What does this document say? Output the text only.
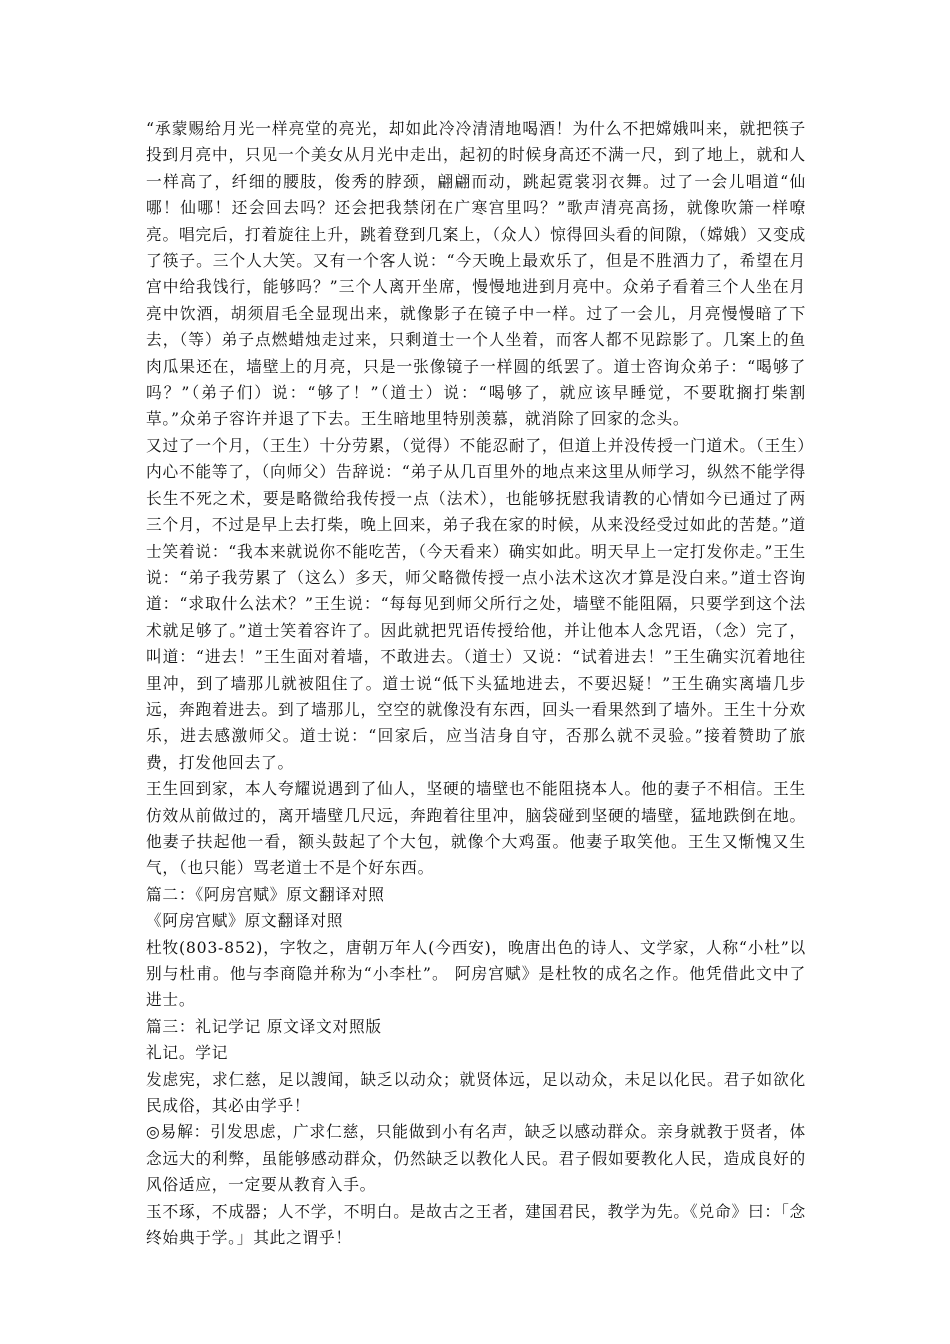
“承蒙赐给月光一样亮堂的亮光，却如此冷冷清清地喝酒！为什么不把嫦娥叫来，就把筷子投到月亮中，只见一个美女从月光中走出，起初的时候身高还不满一尺，到了地上，就和人一样高了，纤细的腰肢，俊秀的脖颈，翩翩而动，跳起霓裳羽衣舞。过了一会儿唱道“仙哪！仙哪！还会回去吗？还会把我禁闭在广寒宫里吗？”歌声清亮高扬，就像吹箫一样嘹亮。唱完后，打着旋往上升，跳着登到几案上，（众人）惊得回头看的间隙，（嫦娥）又变成了筷子。三个人大笑。又有一个客人说：“今天晚上最欢乐了，但是不胜酒力了，希望在月宫中给我饯行，能够吗？”三个人离开坐席，慢慢地进到月亮中。众弟子看着三个人坐在月亮中饮酒，胡须眉毛全显现出来，就像影子在镜子中一样。过了一会儿，月亮慢慢暗了下去，（等）弟子点燃蜡烛走过来，只剩道士一个人坐着，而客人都不见踪影了。几案上的鱼肉瓜果还在，墙壁上的月亮，只是一张像镜子一样圆的纸罢了。道士咨询众弟子：“喝够了吗？”（弟子们）说：“够了！”（道士）说：“喝够了，就应该早睡觉，不要耽搁打柴割草。”众弟子容许并退了下去。王生暗地里特别羡慕，就消除了回家的念头。

又过了一个月，（王生）十分劳累，（觉得）不能忍耐了，但道上并没传授一门道术。（王生）内心不能等了，（向师父）告辞说：“弟子从几百里外的地点来这里从师学习，纵然不能学得长生不死之术，要是略微给我传授一点（法术），也能够抚慰我请教的心情如今已通过了两三个月，不过是早上去打柴，晚上回来，弟子我在家的时候，从来没经受过如此的苦楚。”道士笑着说：“我本来就说你不能吃苦，（今天看来）确实如此。明天早上一定打发你走。”王生说：“弟子我劳累了（这么）多天，师父略微传授一点小法术这次才算是没白来。”道士咨询道：“求取什么法术？”王生说：“每每见到师父所行之处，墙壁不能阻隔，只要学到这个法术就足够了。”道士笑着容许了。因此就把咒语传授给他，并让他本人念咒语，（念）完了，叫道：“进去！”王生面对着墙，不敢进去。（道士）又说：“试着进去！”王生确实沉着地往里冲，到了墙那儿就被阻住了。道士说“低下头猛地进去，不要迟疑！”王生确实离墙几步远，奔跑着进去。到了墙那儿，空空的就像没有东西，回头一看果然到了墙外。王生十分欢乐，进去感激师父。道士说：“回家后，应当洁身自守，否那么就不灵验。”接着赞助了旅费，打发他回去了。

王生回到家，本人夸耀说遇到了仙人，坚硬的墙壁也不能阻挠本人。他的妻子不相信。王生仿效从前做过的，离开墙壁几尺远，奔跑着往里冲，脑袋碰到坚硬的墙壁，猛地跌倒在地。他妻子扶起他一看，额头鼓起了个大包，就像个大鸡蛋。他妻子取笑他。王生又惭愧又生气，（也只能）骂老道士不是个好东西。

篇二：《阿房宫赋》原文翻译对照

《阿房宫赋》原文翻译对照

杜牧(803-852)，字牧之，唐朝万年人(今西安)，晚唐出色的诗人、文学家，人称“小杜”以别与杜甫。他与李商隐并称为“小李杜”。 阿房宫赋》是杜牧的成名之作。他凭借此文中了进士。

篇三：礼记学记 原文译文对照版

礼记。学记

发虑宪，求仁慈，足以謏闻，缺乏以动众；就贤体远，足以动众，未足以化民。君子如欲化民成俗，其必由学乎！

◎易解：引发思虑，广求仁慈，只能做到小有名声，缺乏以感动群众。亲身就教于贤者，体念远大的利弊，虽能够感动群众，仍然缺乏以教化人民。君子假如要教化人民，造成良好的风俗适应，一定要从教育入手。

玉不琢，不成器；人不学，不明白。是故古之王者，建国君民，教学为先。《兑命》曰：「念终始典于学。」其此之谓乎！
